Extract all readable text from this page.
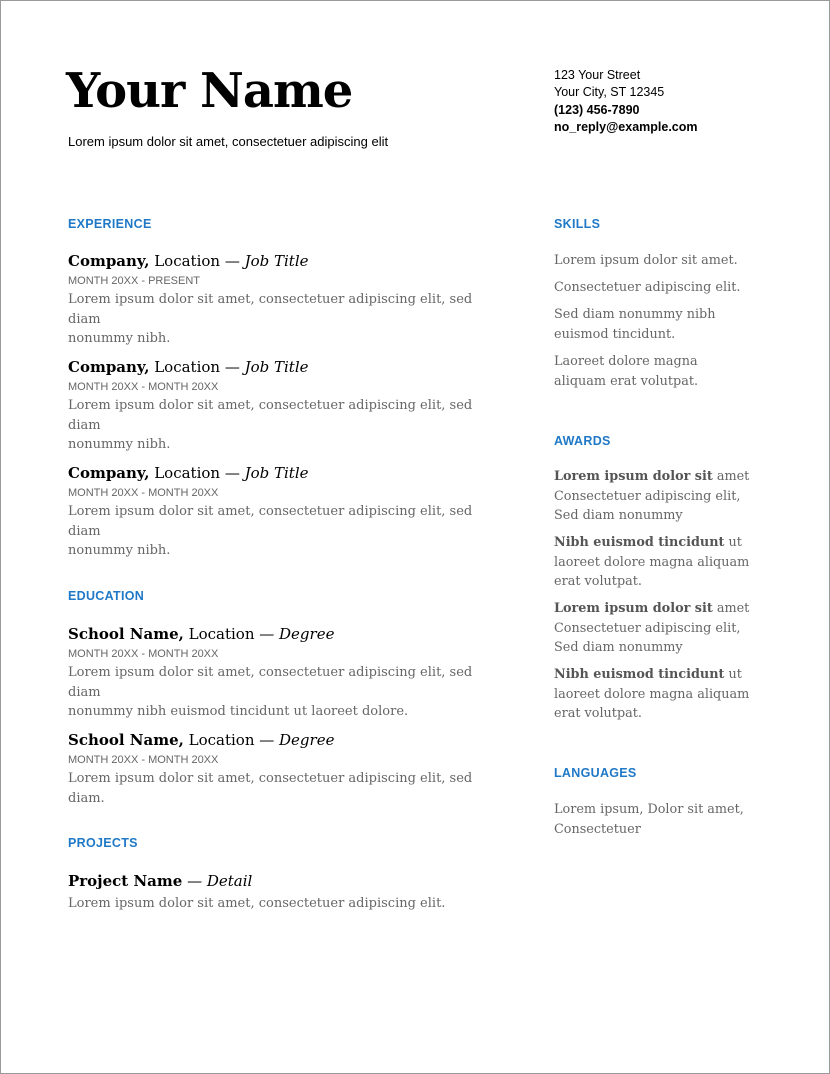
Your Name

Lorem ipsum dolor sit amet, consectetuer adipiscing elit

123 Your Street
Your City, ST 12345
(123) 456-7890
no_reply@example.com
EXPERIENCE
Company, Location — Job Title
MONTH 20XX - PRESENT
Lorem ipsum dolor sit amet, consectetuer adipiscing elit, sed diam
nonummy nibh.
Company, Location — Job Title
MONTH 20XX - MONTH 20XX
Lorem ipsum dolor sit amet, consectetuer adipiscing elit, sed diam
nonummy nibh.
Company, Location — Job Title
MONTH 20XX - MONTH 20XX
Lorem ipsum dolor sit amet, consectetuer adipiscing elit, sed diam
nonummy nibh.
EDUCATION
School Name, Location — Degree
MONTH 20XX - MONTH 20XX
Lorem ipsum dolor sit amet, consectetuer adipiscing elit, sed diam
nonummy nibh euismod tincidunt ut laoreet dolore.
School Name, Location — Degree
MONTH 20XX - MONTH 20XX
Lorem ipsum dolor sit amet, consectetuer adipiscing elit, sed diam.
PROJECTS
Project Name — Detail
Lorem ipsum dolor sit amet, consectetuer adipiscing elit.
SKILLS
Lorem ipsum dolor sit amet.
Consectetuer adipiscing elit.
Sed diam nonummy nibh
euismod tincidunt.
Laoreet dolore magna
aliquam erat volutpat.
AWARDS
Lorem ipsum dolor sit amet
Consectetuer adipiscing elit,
Sed diam nonummy
Nibh euismod tincidunt ut
laoreet dolore magna aliquam
erat volutpat.
Lorem ipsum dolor sit amet
Consectetuer adipiscing elit,
Sed diam nonummy
Nibh euismod tincidunt ut
laoreet dolore magna aliquam
erat volutpat.
LANGUAGES
Lorem ipsum, Dolor sit amet,
Consectetuer
